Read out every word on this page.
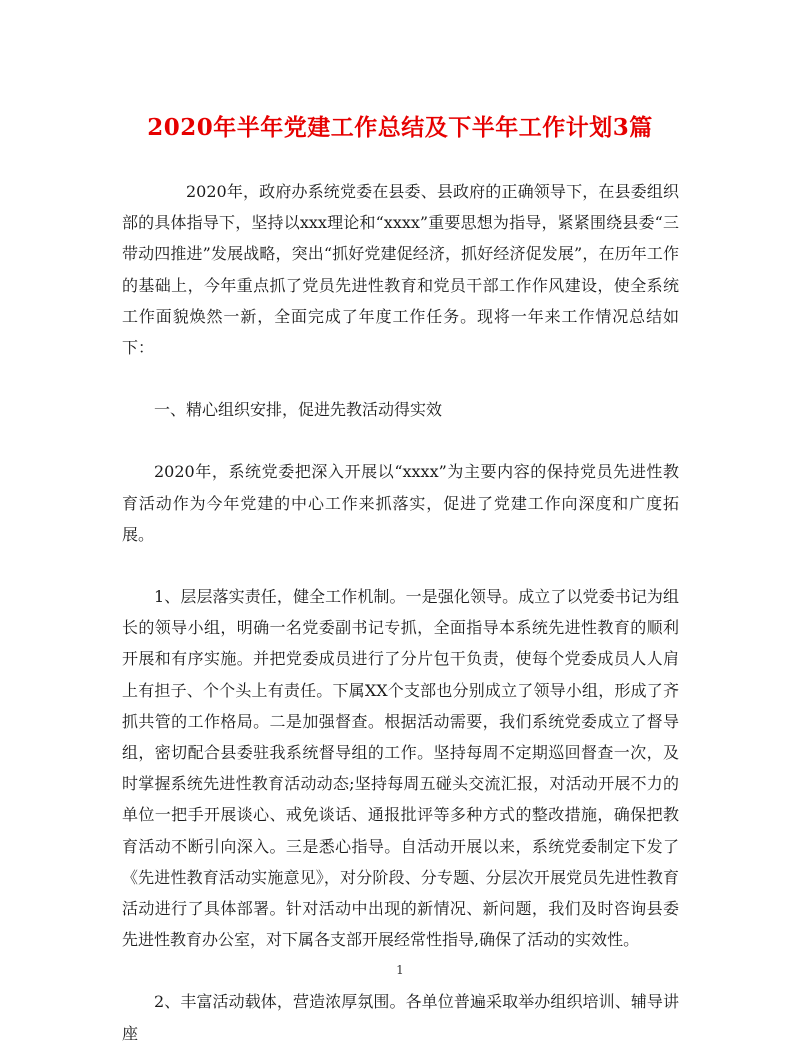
2020年半年党建工作总结及下半年工作计划3篇

2020年，政府办系统党委在县委、县政府的正确领导下，在县委组织部的具体指导下，坚持以xxx理论和“xxxx”重要思想为指导，紧紧围绕县委“三带动四推进”发展战略，突出“抓好党建促经济，抓好经济促发展”，在历年工作的基础上，今年重点抓了党员先进性教育和党员干部工作作风建设，使全系统工作面貌焕然一新，全面完成了年度工作任务。现将一年来工作情况总结如下：

一、精心组织安排，促进先教活动得实效

2020年，系统党委把深入开展以“xxxx”为主要内容的保持党员先进性教育活动作为今年党建的中心工作来抓落实，促进了党建工作向深度和广度拓展。

1、层层落实责任，健全工作机制。一是强化领导。成立了以党委书记为组长的领导小组，明确一名党委副书记专抓，全面指导本系统先进性教育的顺利开展和有序实施。并把党委成员进行了分片包干负责，使每个党委成员人人肩上有担子、个个头上有责任。下属XX个支部也分别成立了领导小组，形成了齐抓共管的工作格局。二是加强督查。根据活动需要，我们系统党委成立了督导组，密切配合县委驻我系统督导组的工作。坚持每周不定期巡回督查一次，及时掌握系统先进性教育活动动态;坚持每周五碰头交流汇报，对活动开展不力的单位一把手开展谈心、戒免谈话、通报批评等多种方式的整改措施，确保把教育活动不断引向深入。三是悉心指导。自活动开展以来，系统党委制定下发了《先进性教育活动实施意见》，对分阶段、分专题、分层次开展党员先进性教育活动进行了具体部署。针对活动中出现的新情况、新问题，我们及时咨询县委先进性教育办公室，对下属各支部开展经常性指导,确保了活动的实效性。

2、丰富活动载体，营造浓厚氛围。各单位普遍采取举办组织培训、辅导讲座

1
